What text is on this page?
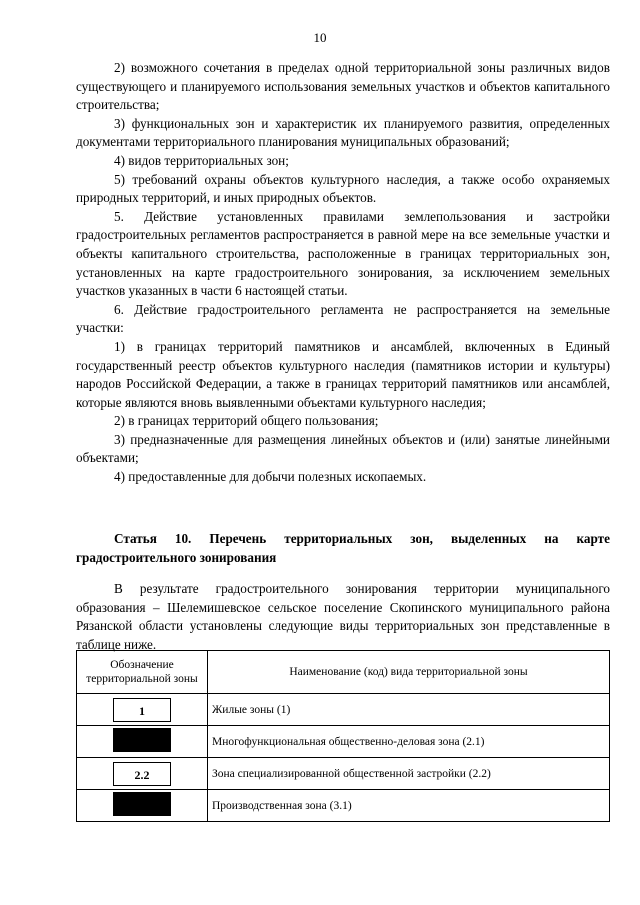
10

2) возможного сочетания в пределах одной территориальной зоны различных видов существующего и планируемого использования земельных участков и объектов капитального строительства;

3) функциональных зон и характеристик их планируемого развития, определенных документами территориального планирования муниципальных образований;

4) видов территориальных зон;

5) требований охраны объектов культурного наследия, а также особо охраняемых природных территорий, и иных природных объектов.

5. Действие установленных правилами землепользования и застройки градостроительных регламентов распространяется в равной мере на все земельные участки и объекты капитального строительства, расположенные в границах территориальных зон, установленных на карте градостроительного зонирования, за исключением земельных участков указанных в части 6 настоящей статьи.

6. Действие градостроительного регламента не распространяется на земельные участки:

1) в границах территорий памятников и ансамблей, включенных в Единый государственный реестр объектов культурного наследия (памятников истории и культуры) народов Российской Федерации, а также в границах территорий памятников или ансамблей, которые являются вновь выявленными объектами культурного наследия;

2) в границах территорий общего пользования;

3) предназначенные для размещения линейных объектов и (или) занятые линейными объектами;

4) предоставленные для добычи полезных ископаемых.

Статья 10. Перечень территориальных зон, выделенных на карте градостроительного зонирования
В результате градостроительного зонирования территории муниципального образования – Шелемишевское сельское поселение Скопинского муниципального района Рязанской области установлены следующие виды территориальных зон представленные в таблице ниже.
Обозначение территориальной зоны	Наименование (код) вида территориальной зоны
1	Жилые зоны (1)
	Многофункциональная общественно-деловая зона (2.1)
2.2	Зона специализированной общественной застройки (2.2)
	Производственная зона (3.1)
